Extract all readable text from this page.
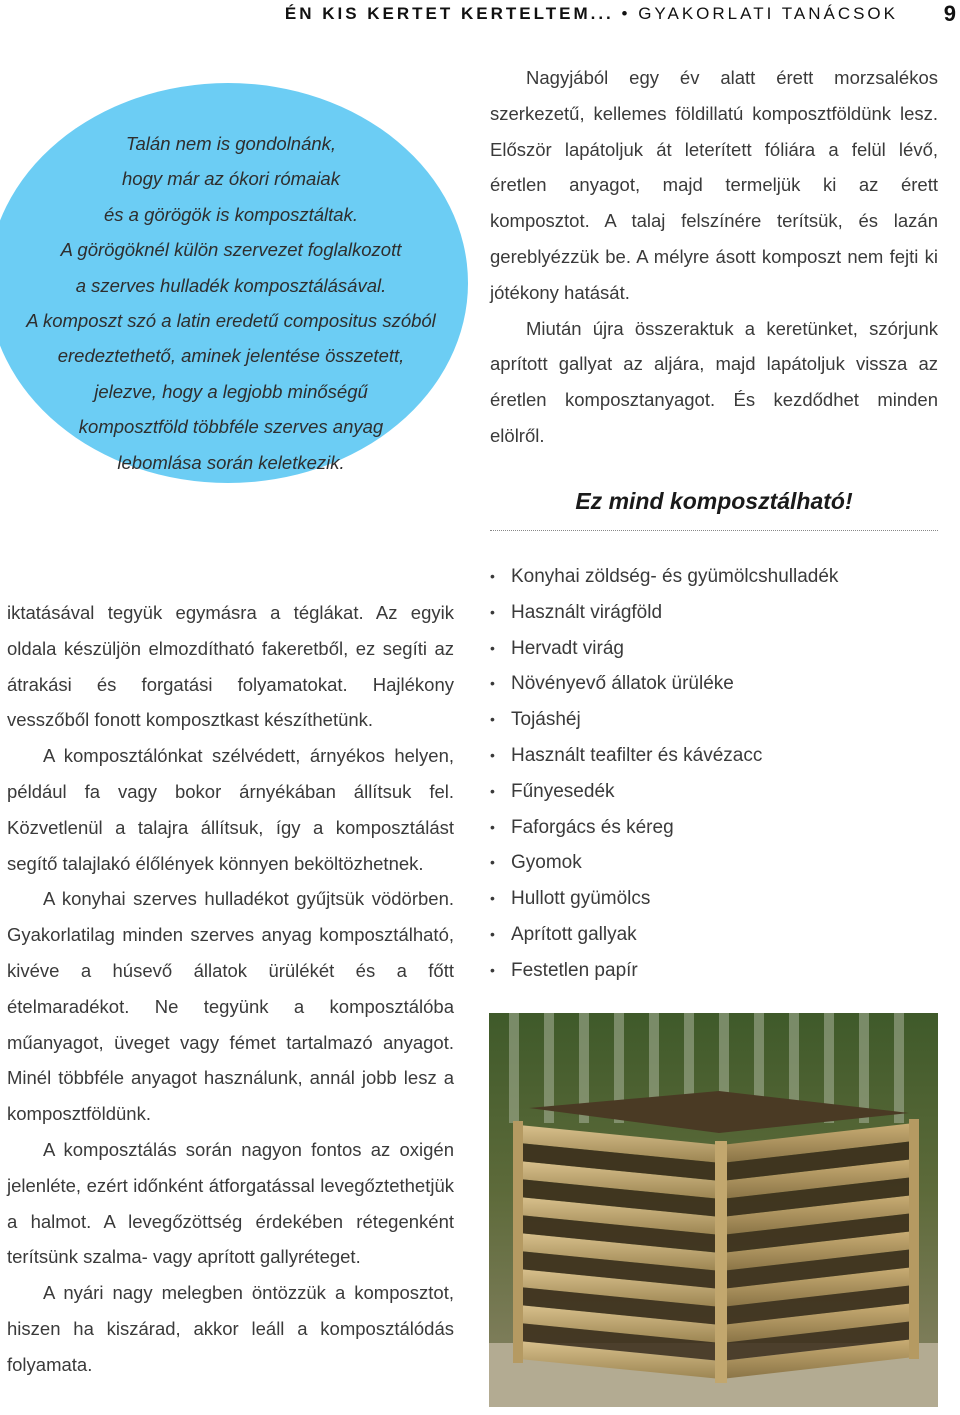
ÉN KIS KERTET KERTELTEM... • GYAKORLATI TANÁCSOK 9
Talán nem is gondolnánk,
hogy már az ókori rómaiak
és a görögök is komposztáltak.
A görögöknél külön szervezet foglalkozott
a szerves hulladék komposztálásával.
A komposzt szó a latin eredetű compositus szóból
eredeztethető, aminek jelentése összetett,
jelezve, hogy a legjobb minőségű
komposztföld többféle szerves anyag
lebomlása során keletkezik.

Nagyjából egy év alatt érett morzsalékos szerkezetű, kellemes földillatú komposztföldünk lesz. Először lapátoljuk át leterített fóliára a felül lévő, éretlen anyagot, majd termeljük ki az érett komposztot. A talaj felszínére terítsük, és lazán gereblyézzük be. A mélyre ásott komposzt nem fejti ki jótékony hatását.

Miután újra összeraktuk a keretünket, szórjunk aprított gallyat az aljára, majd lapátoljuk vissza az éretlen komposztanyagot. És kezdődhet minden elölről.

Ez mind komposztálható!
• Konyhai zöldség- és gyümölcshulladék
• Használt virágföld
• Hervadt virág
• Növényevő állatok ürüléke
• Tojáshéj
• Használt teafilter és kávézacc
• Fűnyesedék
• Faforgács és kéreg
• Gyomok
• Hullott gyümölcs
• Aprított gallyak
• Festetlen papír

iktatásával tegyük egymásra a téglákat. Az egyik oldala készüljön elmozdítható fakeretből, ez segíti az átrakási és forgatási folyamatokat. Hajlékony vesszőből fonott komposztkast készíthetünk.

A komposztálónkat szélvédett, árnyékos helyen, például fa vagy bokor árnyékában állítsuk fel. Közvetlenül a talajra állítsuk, így a komposztálást segítő talajlakó élőlények könnyen beköltözhetnek.

A konyhai szerves hulladékot gyűjtsük vödörben. Gyakorlatilag minden szerves anyag komposztálható, kivéve a húsevő állatok ürülékét és a főtt ételmaradékot. Ne tegyünk a komposztálóba műanyagot, üveget vagy fémet tartalmazó anyagot. Minél többféle anyagot használunk, annál jobb lesz a komposztföldünk.

A komposztálás során nagyon fontos az oxigén jelenléte, ezért időnként átforgatással levegőztethetjük a halmot. A levegőzöttség érdekében rétegenként terítsünk szalma- vagy aprított gallyréteget.

A nyári nagy melegben öntözzük a komposztot, hiszen ha kiszárad, akkor leáll a komposztálódás folyamata.
